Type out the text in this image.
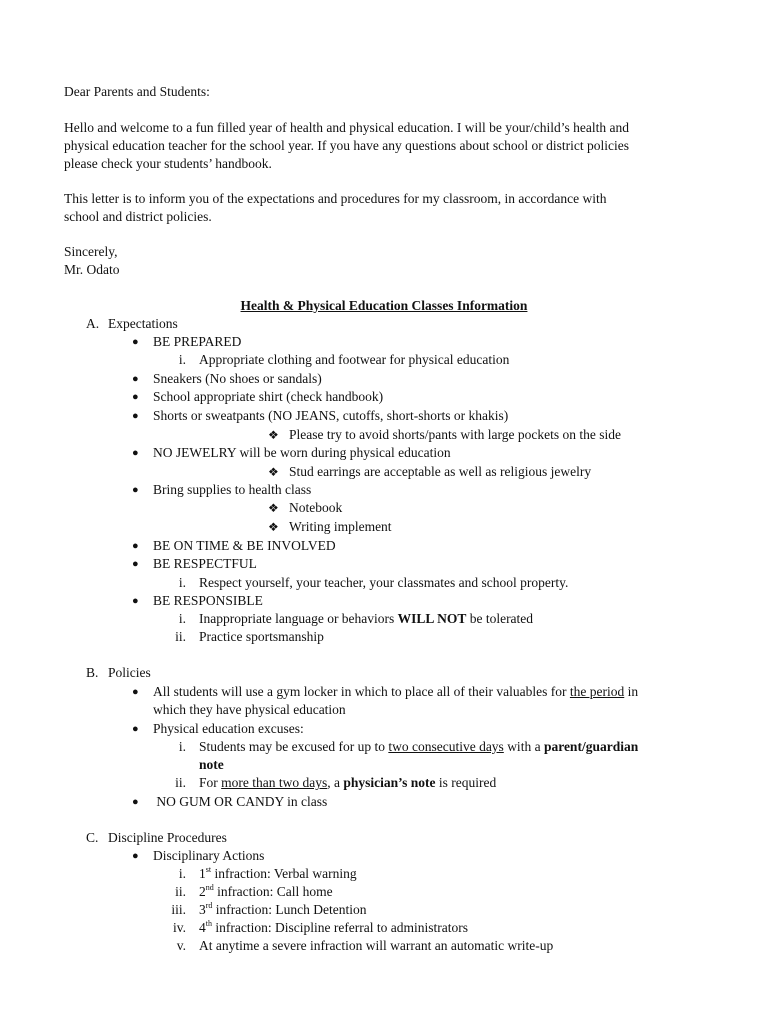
Dear Parents and Students:
Hello and welcome to a fun filled year of health and physical education. I will be your/child’s health and
physical education teacher for the school year. If you have any questions about school or district policies
please check your students’ handbook.
This letter is to inform you of the expectations and procedures for my classroom, in accordance with
school and district policies.
Sincerely,
Mr. Odato
Health & Physical Education Classes Information
A. Expectations
● BE PREPARED
i. Appropriate clothing and footwear for physical education
● Sneakers (No shoes or sandals)
● School appropriate shirt (check handbook)
● Shorts or sweatpants (NO JEANS, cutoffs, short-shorts or khakis)
❖ Please try to avoid shorts/pants with large pockets on the side
● NO JEWELRY will be worn during physical education
❖ Stud earrings are acceptable as well as religious jewelry
● Bring supplies to health class
❖ Notebook
❖ Writing implement
● BE ON TIME & BE INVOLVED
● BE RESPECTFUL
i. Respect yourself, your teacher, your classmates and school property.
● BE RESPONSIBLE
i. Inappropriate language or behaviors WILL NOT be tolerated
ii. Practice sportsmanship
B. Policies
● All students will use a gym locker in which to place all of their valuables for the period in
which they have physical education
● Physical education excuses:
i. Students may be excused for up to two consecutive days with a parent/guardian
note
ii. For more than two days, a physician’s note is required
● NO GUM OR CANDY in class
C. Discipline Procedures
● Disciplinary Actions
i. 1st infraction: Verbal warning
ii. 2nd infraction: Call home
iii. 3rd infraction: Lunch Detention
iv. 4th infraction: Discipline referral to administrators
v. At anytime a severe infraction will warrant an automatic write-up
